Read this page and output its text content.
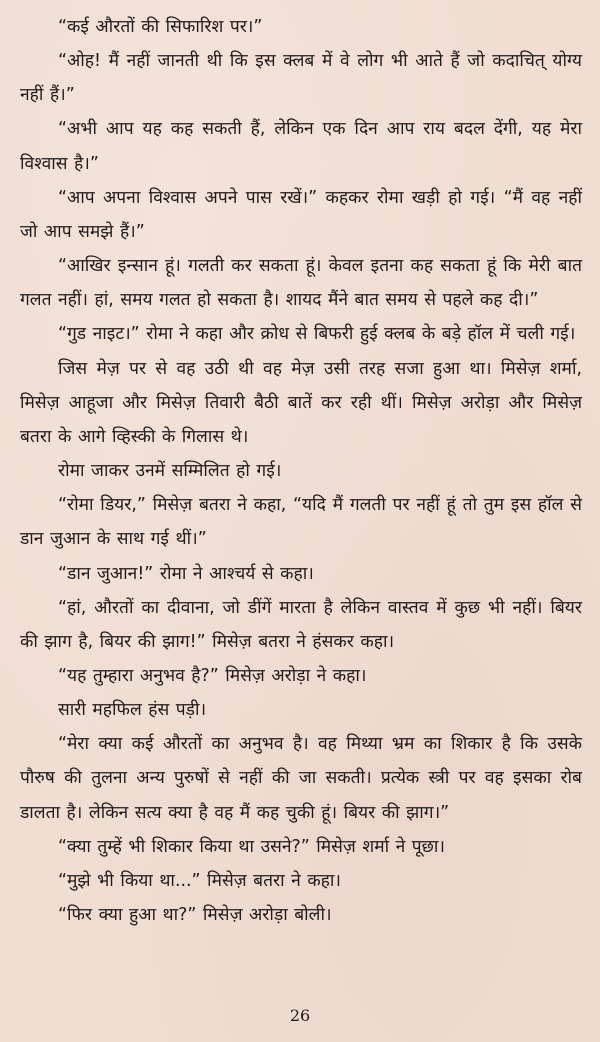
“कई औरतों की सिफारिश पर।”

“ओह! मैं नहीं जानती थी कि इस क्लब में वे लोग भी आते हैं जो कदाचित् योग्य नहीं हैं।”

“अभी आप यह कह सकती हैं, लेकिन एक दिन आप राय बदल देंगी, यह मेरा विश्वास है।”

“आप अपना विश्वास अपने पास रखें।” कहकर रोमा खड़ी हो गई। “मैं वह नहीं जो आप समझे हैं।”

“आखिर इन्सान हूं। गलती कर सकता हूं। केवल इतना कह सकता हूं कि मेरी बात गलत नहीं। हां, समय गलत हो सकता है। शायद मैंने बात समय से पहले कह दी।”

“गुड नाइट।” रोमा ने कहा और क्रोध से बिफरी हुई क्लब के बड़े हॉल में चली गई।

जिस मेज़ पर से वह उठी थी वह मेज़ उसी तरह सजा हुआ था। मिसेज़ शर्मा, मिसेज़ आहूजा और मिसेज़ तिवारी बैठी बातें कर रही थीं। मिसेज़ अरोड़ा और मिसेज़ बतरा के आगे व्हिस्की के गिलास थे।

रोमा जाकर उनमें सम्मिलित हो गई।

“रोमा डियर,” मिसेज़ बतरा ने कहा, “यदि मैं गलती पर नहीं हूं तो तुम इस हॉल से डान जुआन के साथ गई थीं।”

“डान जुआन!” रोमा ने आश्चर्य से कहा।

“हां, औरतों का दीवाना, जो डींगें मारता है लेकिन वास्तव में कुछ भी नहीं। बियर की झाग है, बियर की झाग!” मिसेज़ बतरा ने हंसकर कहा।

“यह तुम्हारा अनुभव है?” मिसेज़ अरोड़ा ने कहा।

सारी महफिल हंस पड़ी।

“मेरा क्या कई औरतों का अनुभव है। वह मिथ्या भ्रम का शिकार है कि उसके पौरुष की तुलना अन्य पुरुषों से नहीं की जा सकती। प्रत्येक स्त्री पर वह इसका रोब डालता है। लेकिन सत्य क्या है वह मैं कह चुकी हूं। बियर की झाग।”

“क्या तुम्हें भी शिकार किया था उसने?” मिसेज़ शर्मा ने पूछा।

“मुझे भी किया था...” मिसेज़ बतरा ने कहा।

“फिर क्या हुआ था?” मिसेज़ अरोड़ा बोली।

26
